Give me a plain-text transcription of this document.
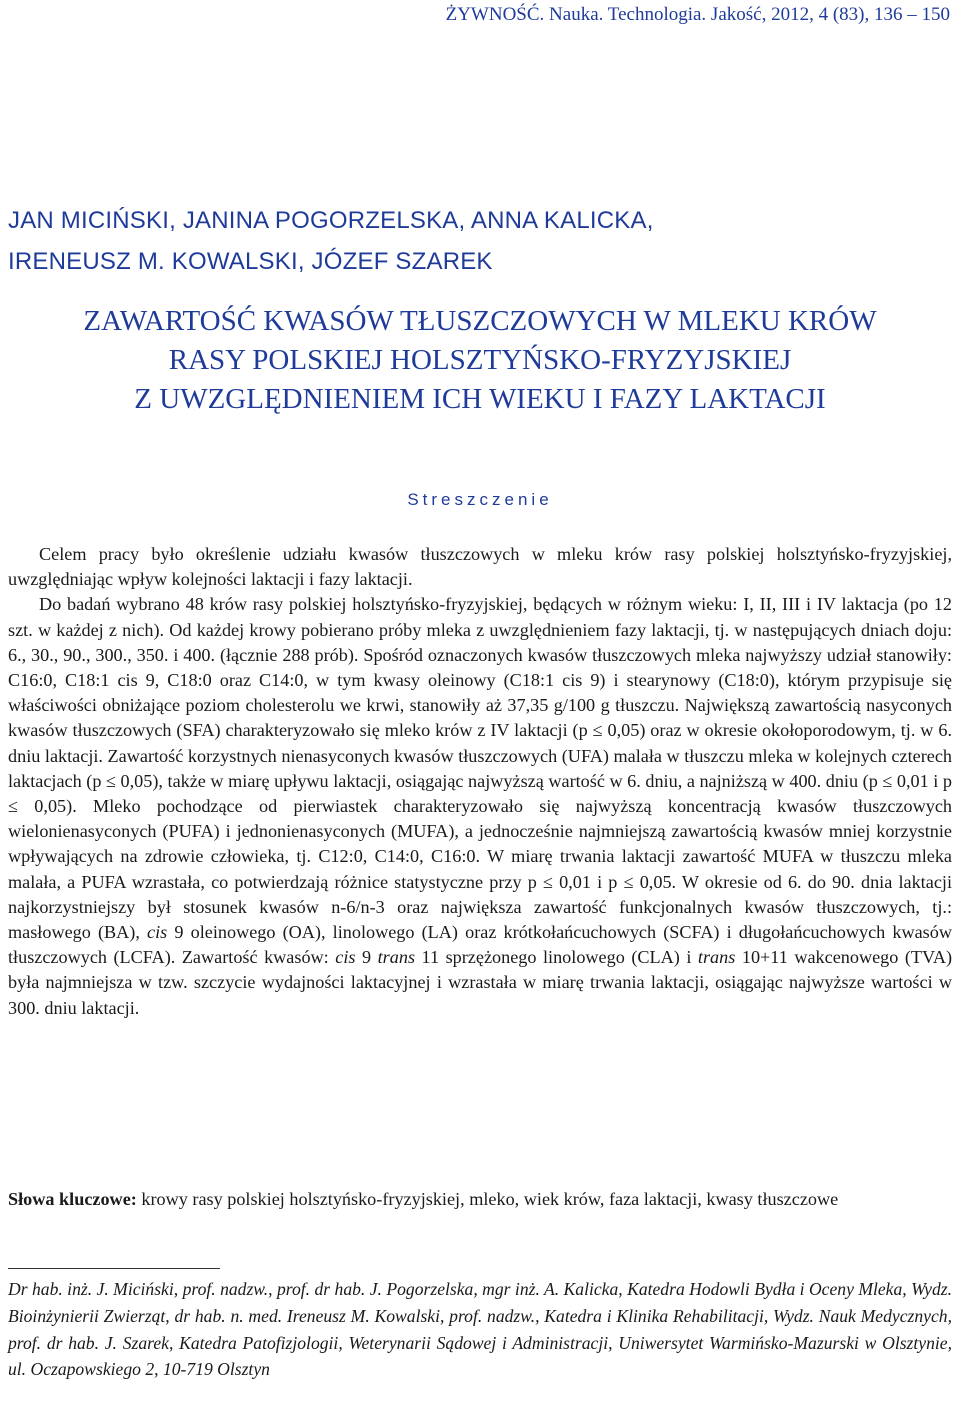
ŻYWNOŚĆ. Nauka. Technologia. Jakość, 2012, 4 (83), 136 – 150
JAN MICIŃSKI, JANINA POGORZELSKA, ANNA KALICKA,
IRENEUSZ M. KOWALSKI, JÓZEF SZAREK
ZAWARTOŚĆ KWASÓW TŁUSZCZOWYCH W MLEKU KRÓW
RASY POLSKIEJ HOLSZTYŃSKO-FRYZYJSKIEJ
Z UWZGLĘDNIENIEM ICH WIEKU I FAZY LAKTACJI
Streszczenie

Celem pracy było określenie udziału kwasów tłuszczowych w mleku krów rasy polskiej holsztyńsko-fryzyjskiej, uwzględniając wpływ kolejności laktacji i fazy laktacji.

Do badań wybrano 48 krów rasy polskiej holsztyńsko-fryzyjskiej, będących w różnym wieku: I, II, III i IV laktacja (po 12 szt. w każdej z nich). Od każdej krowy pobierano próby mleka z uwzględnieniem fazy laktacji, tj. w następujących dniach doju: 6., 30., 90., 300., 350. i 400. (łącznie 288 prób). Spośród oznaczonych kwasów tłuszczowych mleka najwyższy udział stanowiły: C16:0, C18:1 cis 9, C18:0 oraz C14:0, w tym kwasy oleinowy (C18:1 cis 9) i stearynowy (C18:0), którym przypisuje się właściwości obniżające poziom cholesterolu we krwi, stanowiły aż 37,35 g/100 g tłuszczu. Największą zawartością nasyconych kwasów tłuszczowych (SFA) charakteryzowało się mleko krów z IV laktacji (p ≤ 0,05) oraz w okresie okołoporodowym, tj. w 6. dniu laktacji. Zawartość korzystnych nienasyconych kwasów tłuszczowych (UFA) malała w tłuszczu mleka w kolejnych czterech laktacjach (p ≤ 0,05), także w miarę upływu laktacji, osiągając najwyższą wartość w 6. dniu, a najniższą w 400. dniu (p ≤ 0,01 i p ≤ 0,05). Mleko pochodzące od pierwiastek charakteryzowało się najwyższą koncentracją kwasów tłuszczowych wielonienasyconych (PUFA) i jednonienasyconych (MUFA), a jednocześnie najmniejszą zawartością kwasów mniej korzystnie wpływających na zdrowie człowieka, tj. C12:0, C14:0, C16:0. W miarę trwania laktacji zawartość MUFA w tłuszczu mleka malała, a PUFA wzrastała, co potwierdzają różnice statystyczne przy p ≤ 0,01 i p ≤ 0,05. W okresie od 6. do 90. dnia laktacji najkorzystniejszy był stosunek kwasów n-6/n-3 oraz największa zawartość funkcjonalnych kwasów tłuszczowych, tj.: masłowego (BA), cis 9 oleinowego (OA), linolowego (LA) oraz krótkołańcuchowych (SCFA) i długołańcuchowych kwasów tłuszczowych (LCFA). Zawartość kwasów: cis 9 trans 11 sprzężonego linolowego (CLA) i trans 10+11 wakcenowego (TVA) była najmniejsza w tzw. szczycie wydajności laktacyjnej i wzrastała w miarę trwania laktacji, osiągając najwyższe wartości w 300. dniu laktacji.

Słowa kluczowe: krowy rasy polskiej holsztyńsko-fryzyjskiej, mleko, wiek krów, faza laktacji, kwasy tłuszczowe
Dr hab. inż. J. Miciński, prof. nadzw., prof. dr hab. J. Pogorzelska, mgr inż. A. Kalicka, Katedra Hodowli Bydła i Oceny Mleka, Wydz. Bioinżynierii Zwierząt, dr hab. n. med. Ireneusz M. Kowalski, prof. nadzw., Katedra i Klinika Rehabilitacji, Wydz. Nauk Medycznych, prof. dr hab. J. Szarek, Katedra Patofizjologii, Weterynarii Sądowej i Administracji, Uniwersytet Warmińsko-Mazurski w Olsztynie, ul. Oczapowskiego 2, 10-719 Olsztyn
